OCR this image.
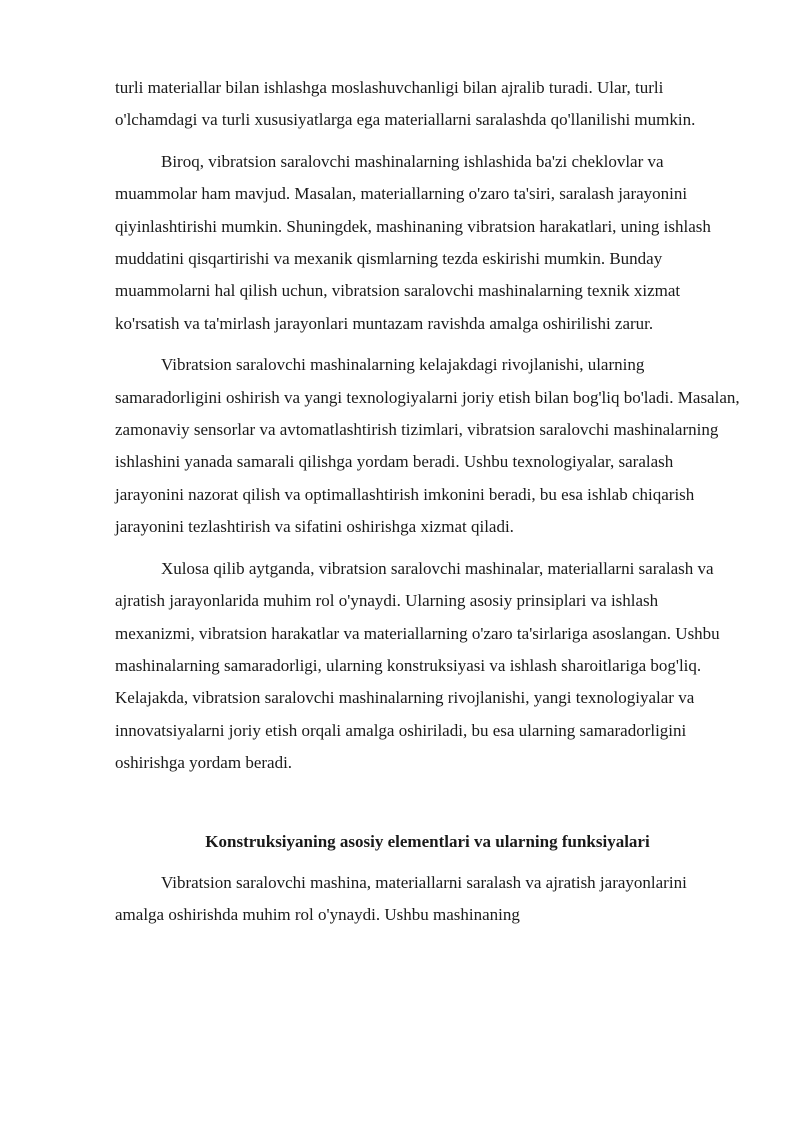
turli materiallar bilan ishlashga moslashuvchanligi bilan ajralib turadi. Ular, turli o'lchamdagi va turli xususiyatlarga ega materiallarni saralashda qo'llanilishi mumkin.

Biroq, vibratsion saralovchi mashinalarning ishlashida ba'zi cheklovlar va muammolar ham mavjud. Masalan, materiallarning o'zaro ta'siri, saralash jarayonini qiyinlashtirishi mumkin. Shuningdek, mashinaning vibratsion harakatlari, uning ishlash muddatini qisqartirishi va mexanik qismlarning tezda eskirishi mumkin. Bunday muammolarni hal qilish uchun, vibratsion saralovchi mashinalarning texnik xizmat ko'rsatish va ta'mirlash jarayonlari muntazam ravishda amalga oshirilishi zarur.

Vibratsion saralovchi mashinalarning kelajakdagi rivojlanishi, ularning samaradorligini oshirish va yangi texnologiyalarni joriy etish bilan bog'liq bo'ladi. Masalan, zamonaviy sensorlar va avtomatlashtirish tizimlari, vibratsion saralovchi mashinalarning ishlashini yanada samarali qilishga yordam beradi. Ushbu texnologiyalar, saralash jarayonini nazorat qilish va optimallashtirish imkonini beradi, bu esa ishlab chiqarish jarayonini tezlashtirish va sifatini oshirishga xizmat qiladi.

Xulosa qilib aytganda, vibratsion saralovchi mashinalar, materiallarni saralash va ajratish jarayonlarida muhim rol o'ynaydi. Ularning asosiy prinsiplari va ishlash mexanizmi, vibratsion harakatlar va materiallarning o'zaro ta'sirlariga asoslangan. Ushbu mashinalarning samaradorligi, ularning konstruksiyasi va ishlash sharoitlariga bog'liq. Kelajakda, vibratsion saralovchi mashinalarning rivojlanishi, yangi texnologiyalar va innovatsiyalarni joriy etish orqali amalga oshiriladi, bu esa ularning samaradorligini oshirishga yordam beradi.

Konstruksiyaning asosiy elementlari va ularning funksiyalari

Vibratsion saralovchi mashina, materiallarni saralash va ajratish jarayonlarini amalga oshirishda muhim rol o'ynaydi. Ushbu mashinaning
